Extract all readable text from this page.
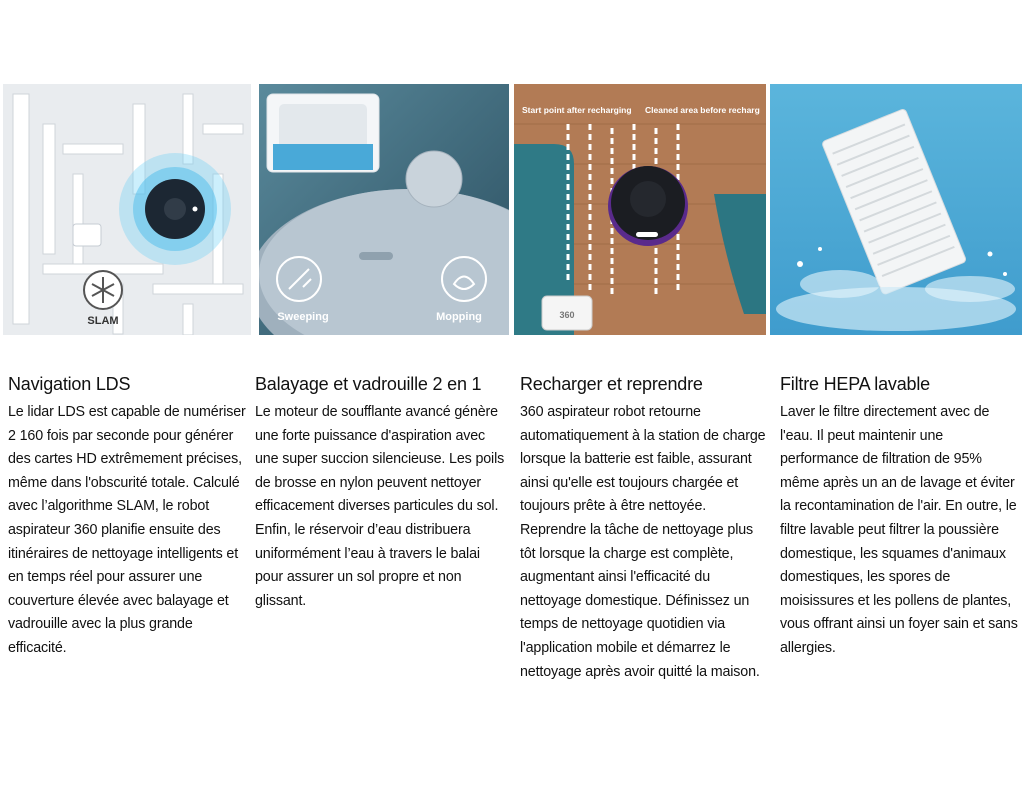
SLAM	Sweeping	Mopping	360
Start point after recharging Cleaned area before recharg
Navigation LDS

Le lidar LDS est capable de numériser 2 160 fois par seconde pour générer des cartes HD extrêmement précises, même dans l'obscurité totale. Calculé avec l’algorithme SLAM, le robot aspirateur 360 planifie ensuite des itinéraires de nettoyage intelligents et en temps réel pour assurer une couverture élevée avec balayage et vadrouille avec la plus grande efficacité.

Balayage et vadrouille 2 en 1

Le moteur de soufflante avancé génère une forte puissance d'aspiration avec une super succion silencieuse. Les poils de brosse en nylon peuvent nettoyer efficacement diverses particules du sol. Enfin, le réservoir d’eau distribuera uniformément l’eau à travers le balai pour assurer un sol propre et non glissant.

Recharger et reprendre

360 aspirateur robot retourne automatiquement à la station de charge lorsque la batterie est faible, assurant ainsi qu'elle est toujours chargée et toujours prête à être nettoyée. Reprendre la tâche de nettoyage plus tôt lorsque la charge est complète, augmentant ainsi l'efficacité du nettoyage domestique. Définissez un temps de nettoyage quotidien via l'application mobile et démarrez le nettoyage après avoir quitté la maison.

Filtre HEPA lavable

Laver le filtre directement avec de l'eau. Il peut maintenir une performance de filtration de 95% même après un an de lavage et éviter la recontamination de l'air. En outre, le filtre lavable peut filtrer la poussière domestique, les squames d'animaux domestiques, les spores de moisissures et les pollens de plantes, vous offrant ainsi un foyer sain et sans allergies.
